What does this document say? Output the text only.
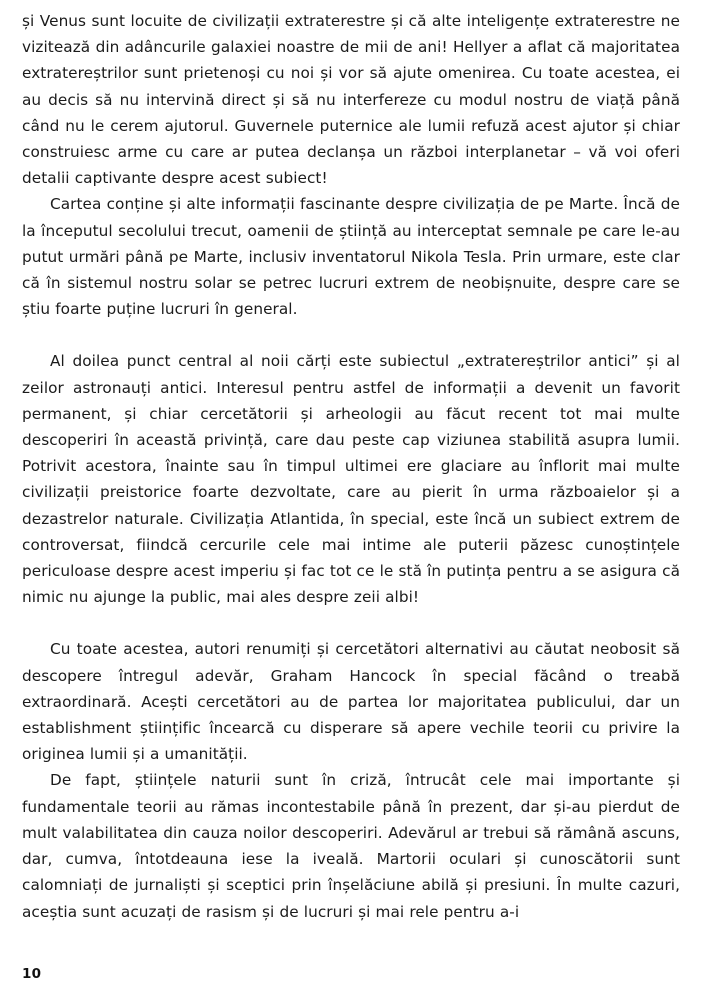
și Venus sunt locuite de civilizații extraterestre și că alte inteligențe extraterestre ne vizitează din adâncurile galaxiei noastre de mii de ani! Hellyer a aflat că majoritatea extratereștrilor sunt prietenoși cu noi și vor să ajute omenirea. Cu toate acestea, ei au decis să nu intervină direct și să nu interfereze cu modul nostru de viață până când nu le cerem ajutorul. Guvernele puternice ale lumii refuză acest ajutor și chiar construiesc arme cu care ar putea declanșa un război interplanetar – vă voi oferi detalii captivante despre acest subiect!

Cartea conține și alte informații fascinante despre civilizația de pe Marte. Încă de la începutul secolului trecut, oamenii de știință au interceptat semnale pe care le-au putut urmări până pe Marte, inclusiv inventatorul Nikola Tesla. Prin urmare, este clar că în sistemul nostru solar se petrec lucruri extrem de neobișnuite, despre care se știu foarte puține lucruri în general.

Al doilea punct central al noii cărți este subiectul „extratereștrilor antici” și al zeilor astronauți antici. Interesul pentru astfel de informații a devenit un favorit permanent, și chiar cercetătorii și arheologii au făcut recent tot mai multe descoperiri în această privință, care dau peste cap viziunea stabilită asupra lumii. Potrivit acestora, înainte sau în timpul ultimei ere glaciare au înflorit mai multe civilizații preistorice foarte dezvoltate, care au pierit în urma războaielor și a dezastrelor naturale. Civilizația Atlantida, în special, este încă un subiect extrem de controversat, fiindcă cercurile cele mai intime ale puterii păzesc cunoștințele periculoase despre acest imperiu și fac tot ce le stă în putința pentru a se asigura că nimic nu ajunge la public, mai ales despre zeii albi!

Cu toate acestea, autori renumiți și cercetători alternativi au căutat neobosit să descopere întregul adevăr, Graham Hancock în special făcând o treabă extraordinară. Acești cercetători au de partea lor majoritatea publicului, dar un establishment științific încearcă cu disperare să apere vechile teorii cu privire la originea lumii și a umanității.

De fapt, științele naturii sunt în criză, întrucât cele mai importante și fundamentale teorii au rămas incontestabile până în prezent, dar și-au pierdut de mult valabilitatea din cauza noilor descoperiri. Adevărul ar trebui să rămână ascuns, dar, cumva, întotdeauna iese la iveală. Martorii oculari și cunoscătorii sunt calomniați de jurnaliști și sceptici prin înșelăciune abilă și presiuni. În multe cazuri, aceștia sunt acuzați de rasism și de lucruri și mai rele pentru a-i

10
